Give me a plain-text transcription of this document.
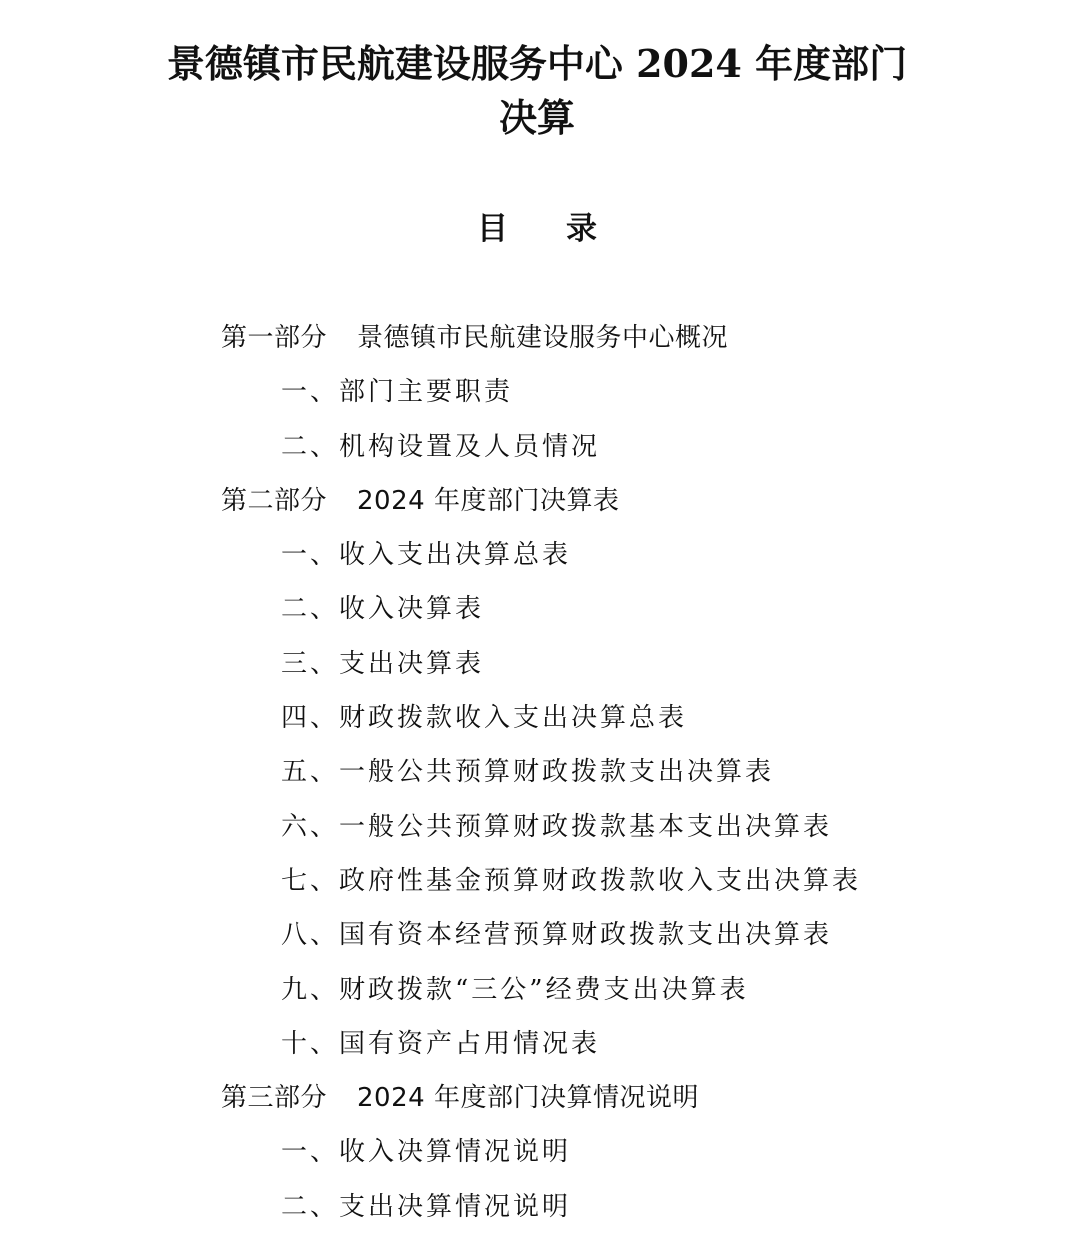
景德镇市民航建设服务中心 2024 年度部门
决算
目 录
第一部分 景德镇市民航建设服务中心概况
一、部门主要职责
二、机构设置及人员情况
第二部分 2024 年度部门决算表
一、收入支出决算总表
二、收入决算表
三、支出决算表
四、财政拨款收入支出决算总表
五、一般公共预算财政拨款支出决算表
六、一般公共预算财政拨款基本支出决算表
七、政府性基金预算财政拨款收入支出决算表
八、国有资本经营预算财政拨款支出决算表
九、财政拨款“三公”经费支出决算表
十、国有资产占用情况表
第三部分 2024 年度部门决算情况说明
一、收入决算情况说明
二、支出决算情况说明
